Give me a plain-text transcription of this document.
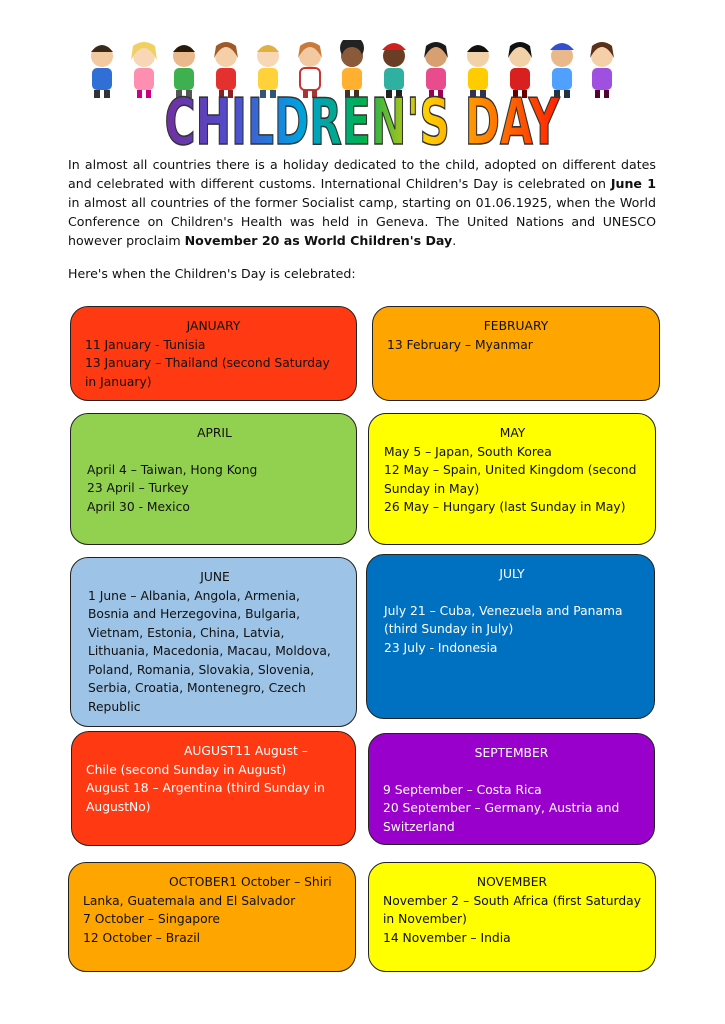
CHILDREN'S DAY

In almost all countries there is a holiday dedicated to the child, adopted on different dates and celebrated with different customs. International Children's Day is celebrated on June 1 in almost all countries of the former Socialist camp, starting on 01.06.1925, when the World Conference on Children's Health was held in Geneva. The United Nations and UNESCO however proclaim November 20 as World Children's Day.

Here's when the Children's Day is celebrated:

JANUARY
11 January - Tunisia
13 January – Thailand (second Saturday in January)
FEBRUARY
13 February – Myanmar
APRIL
April 4 – Taiwan, Hong Kong
23 April – Turkey
April 30 - Mexico
MAY
May 5 – Japan, South Korea
12 May – Spain, United Kingdom (second Sunday in May)
26 May – Hungary (last Sunday in May)
JUNE
1 June – Albania, Angola, Armenia, Bosnia and Herzegovina, Bulgaria, Vietnam, Estonia, China, Latvia, Lithuania, Macedonia, Macau, Moldova, Poland, Romania, Slovakia, Slovenia, Serbia, Croatia, Montenegro, Czech Republic
JULY
July 21 – Cuba, Venezuela and Panama (third Sunday in July)
23 July - Indonesia
AUGUST11 August – Chile (second Sunday in August)
August 18 – Argentina (third Sunday in AugustNo)
SEPTEMBER
9 September – Costa Rica
20 September – Germany, Austria and Switzerland
OCTOBER1 October – Shiri Lanka, Guatemala and El Salvador
7 October – Singapore
12 October – Brazil
NOVEMBER
November 2 – South Africa (first Saturday in November)
14 November – India
